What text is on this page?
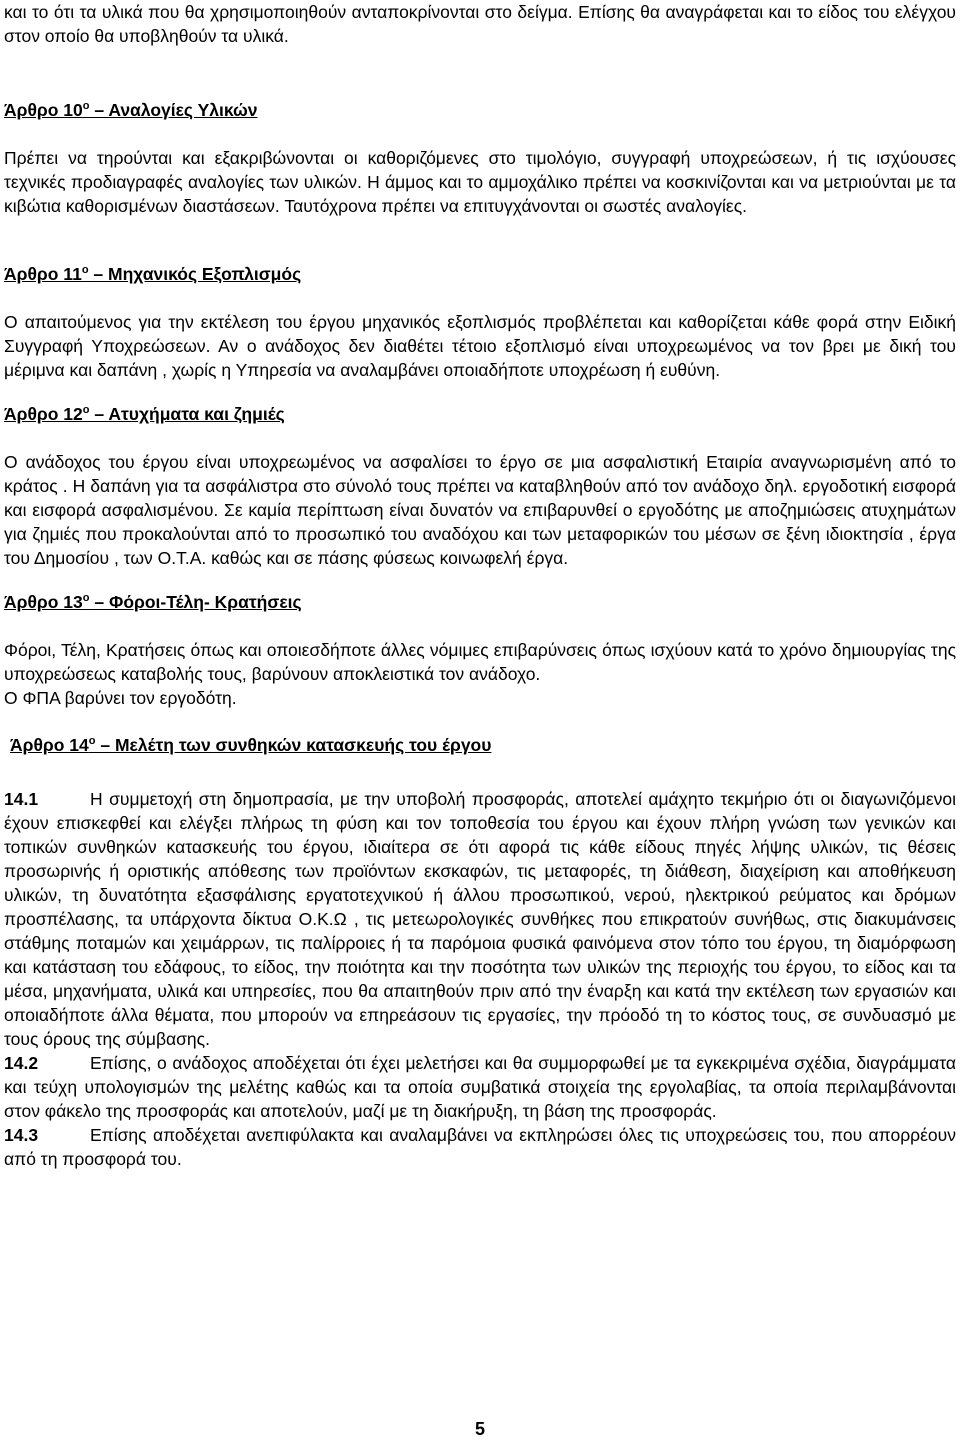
και το ότι τα υλικά που θα χρησιμοποιηθούν ανταποκρίνονται στο δείγμα. Επίσης θα αναγράφεται και το είδος του ελέγχου στον οποίο θα υποβληθούν τα υλικά.

Άρθρο $10^o$ – Αναλογίες Υλικών

Πρέπει να τηρούνται και εξακριβώνονται οι καθοριζόμενες στο τιμολόγιο, συγγραφή υποχρεώσεων, ή τις ισχύουσες τεχνικές προδιαγραφές αναλογίες των υλικών. Η άμμος και το αμμοχάλικο πρέπει να κοσκινίζονται και να μετριούνται με τα κιβώτια καθορισμένων διαστάσεων. Ταυτόχρονα πρέπει να επιτυγχάνονται οι σωστές αναλογίες.

Άρθρο $11^o$ – Μηχανικός Εξοπλισμός

Ο απαιτούμενος για την εκτέλεση του έργου μηχανικός εξοπλισμός προβλέπεται και καθορίζεται κάθε φορά στην Ειδική Συγγραφή Υποχρεώσεων. Αν ο ανάδοχος δεν διαθέτει τέτοιο εξοπλισμό είναι υποχρεωμένος να τον βρει με δική του μέριμνα και δαπάνη , χωρίς η Υπηρεσία να αναλαμβάνει οποιαδήποτε υποχρέωση ή ευθύνη.

Άρθρο $12^o$ – Ατυχήματα και ζημιές

Ο ανάδοχος του έργου είναι υποχρεωμένος να ασφαλίσει το έργο σε μια ασφαλιστική Εταιρία αναγνωρισμένη από το κράτος . Η δαπάνη για τα ασφάλιστρα στο σύνολό τους πρέπει να καταβληθούν από τον ανάδοχο δηλ. εργοδοτική εισφορά και εισφορά ασφαλισμένου. Σε καμία περίπτωση είναι δυνατόν να επιβαρυνθεί ο εργοδότης με αποζημιώσεις ατυχημάτων για ζημιές που προκαλούνται από το προσωπικό του αναδόχου και των μεταφορικών του μέσων σε ξένη ιδιοκτησία , έργα του Δημοσίου , των Ο.Τ.Α. καθώς και σε πάσης φύσεως κοινωφελή έργα.

Άρθρο $13^o - \Phi ό\rho o\iota-Tέ\lambda\eta-$ Κρατήσεις

Φόροι, Τέλη, Κρατήσεις όπως και οποιεσδήποτε άλλες νόμιμες επιβαρύνσεις όπως ισχύουν κατά το χρόνο δημιουργίας της υποχρεώσεως καταβολής τους, βαρύνουν αποκλειστικά τον ανάδοχο.

Ο ΦΠΑ βαρύνει τον εργοδότη.

Άρθρο $14^o$ – Μελέτη των συνθηκών κατασκευής του έργου

14.1	Η συμμετοχή στη δημοπρασία, με την υποβολή προσφοράς, αποτελεί αμάχητο τεκμήριο ότι οι διαγωνιζόμενοι έχουν επισκεφθεί και ελέγξει πλήρως τη φύση και τον τοποθεσία του έργου και έχουν πλήρη γνώση των γενικών και τοπικών συνθηκών κατασκευής του έργου, ιδιαίτερα σε ότι αφορά τις κάθε είδους πηγές λήψης υλικών, τις θέσεις προσωρινής ή οριστικής απόθεσης των προϊόντων εκσκαφών, τις μεταφορές, τη διάθεση, διαχείριση και αποθήκευση υλικών, τη δυνατότητα εξασφάλισης εργατοτεχνικού ή άλλου προσωπικού, νερού, ηλεκτρικού ρεύματος και δρόμων προσπέλασης, τα υπάρχοντα δίκτυα Ο.Κ.Ω , τις μετεωρολογικές συνθήκες που επικρατούν συνήθως, στις διακυμάνσεις στάθμης ποταμών και χειμάρρων, τις παλίρροιες ή τα παρόμοια φυσικά φαινόμενα στον τόπο του έργου, τη διαμόρφωση και κατάσταση του εδάφους, το είδος, την ποιότητα και την ποσότητα των υλικών της περιοχής του έργου, το είδος και τα μέσα, μηχανήματα, υλικά και υπηρεσίες, που θα απαιτηθούν πριν από την έναρξη και κατά την εκτέλεση των εργασιών και οποιαδήποτε άλλα θέματα, που μπορούν να επηρεάσουν τις εργασίες, την πρόοδό τη το κόστος τους, σε συνδυασμό με τους όρους της σύμβασης.

14.2	Επίσης, ο ανάδοχος αποδέχεται ότι έχει μελετήσει και θα συμμορφωθεί με τα εγκεκριμένα σχέδια, διαγράμματα και τεύχη υπολογισμών της μελέτης καθώς και τα οποία συμβατικά στοιχεία της εργολαβίας, τα οποία περιλαμβάνονται στον φάκελο της προσφοράς και αποτελούν, μαζί με τη διακήρυξη, τη βάση της προσφοράς.

14.3	Επίσης αποδέχεται ανεπιφύλακτα και αναλαμβάνει να εκπληρώσει όλες τις υποχρεώσεις του, που απορρέουν από τη προσφορά του.

5
